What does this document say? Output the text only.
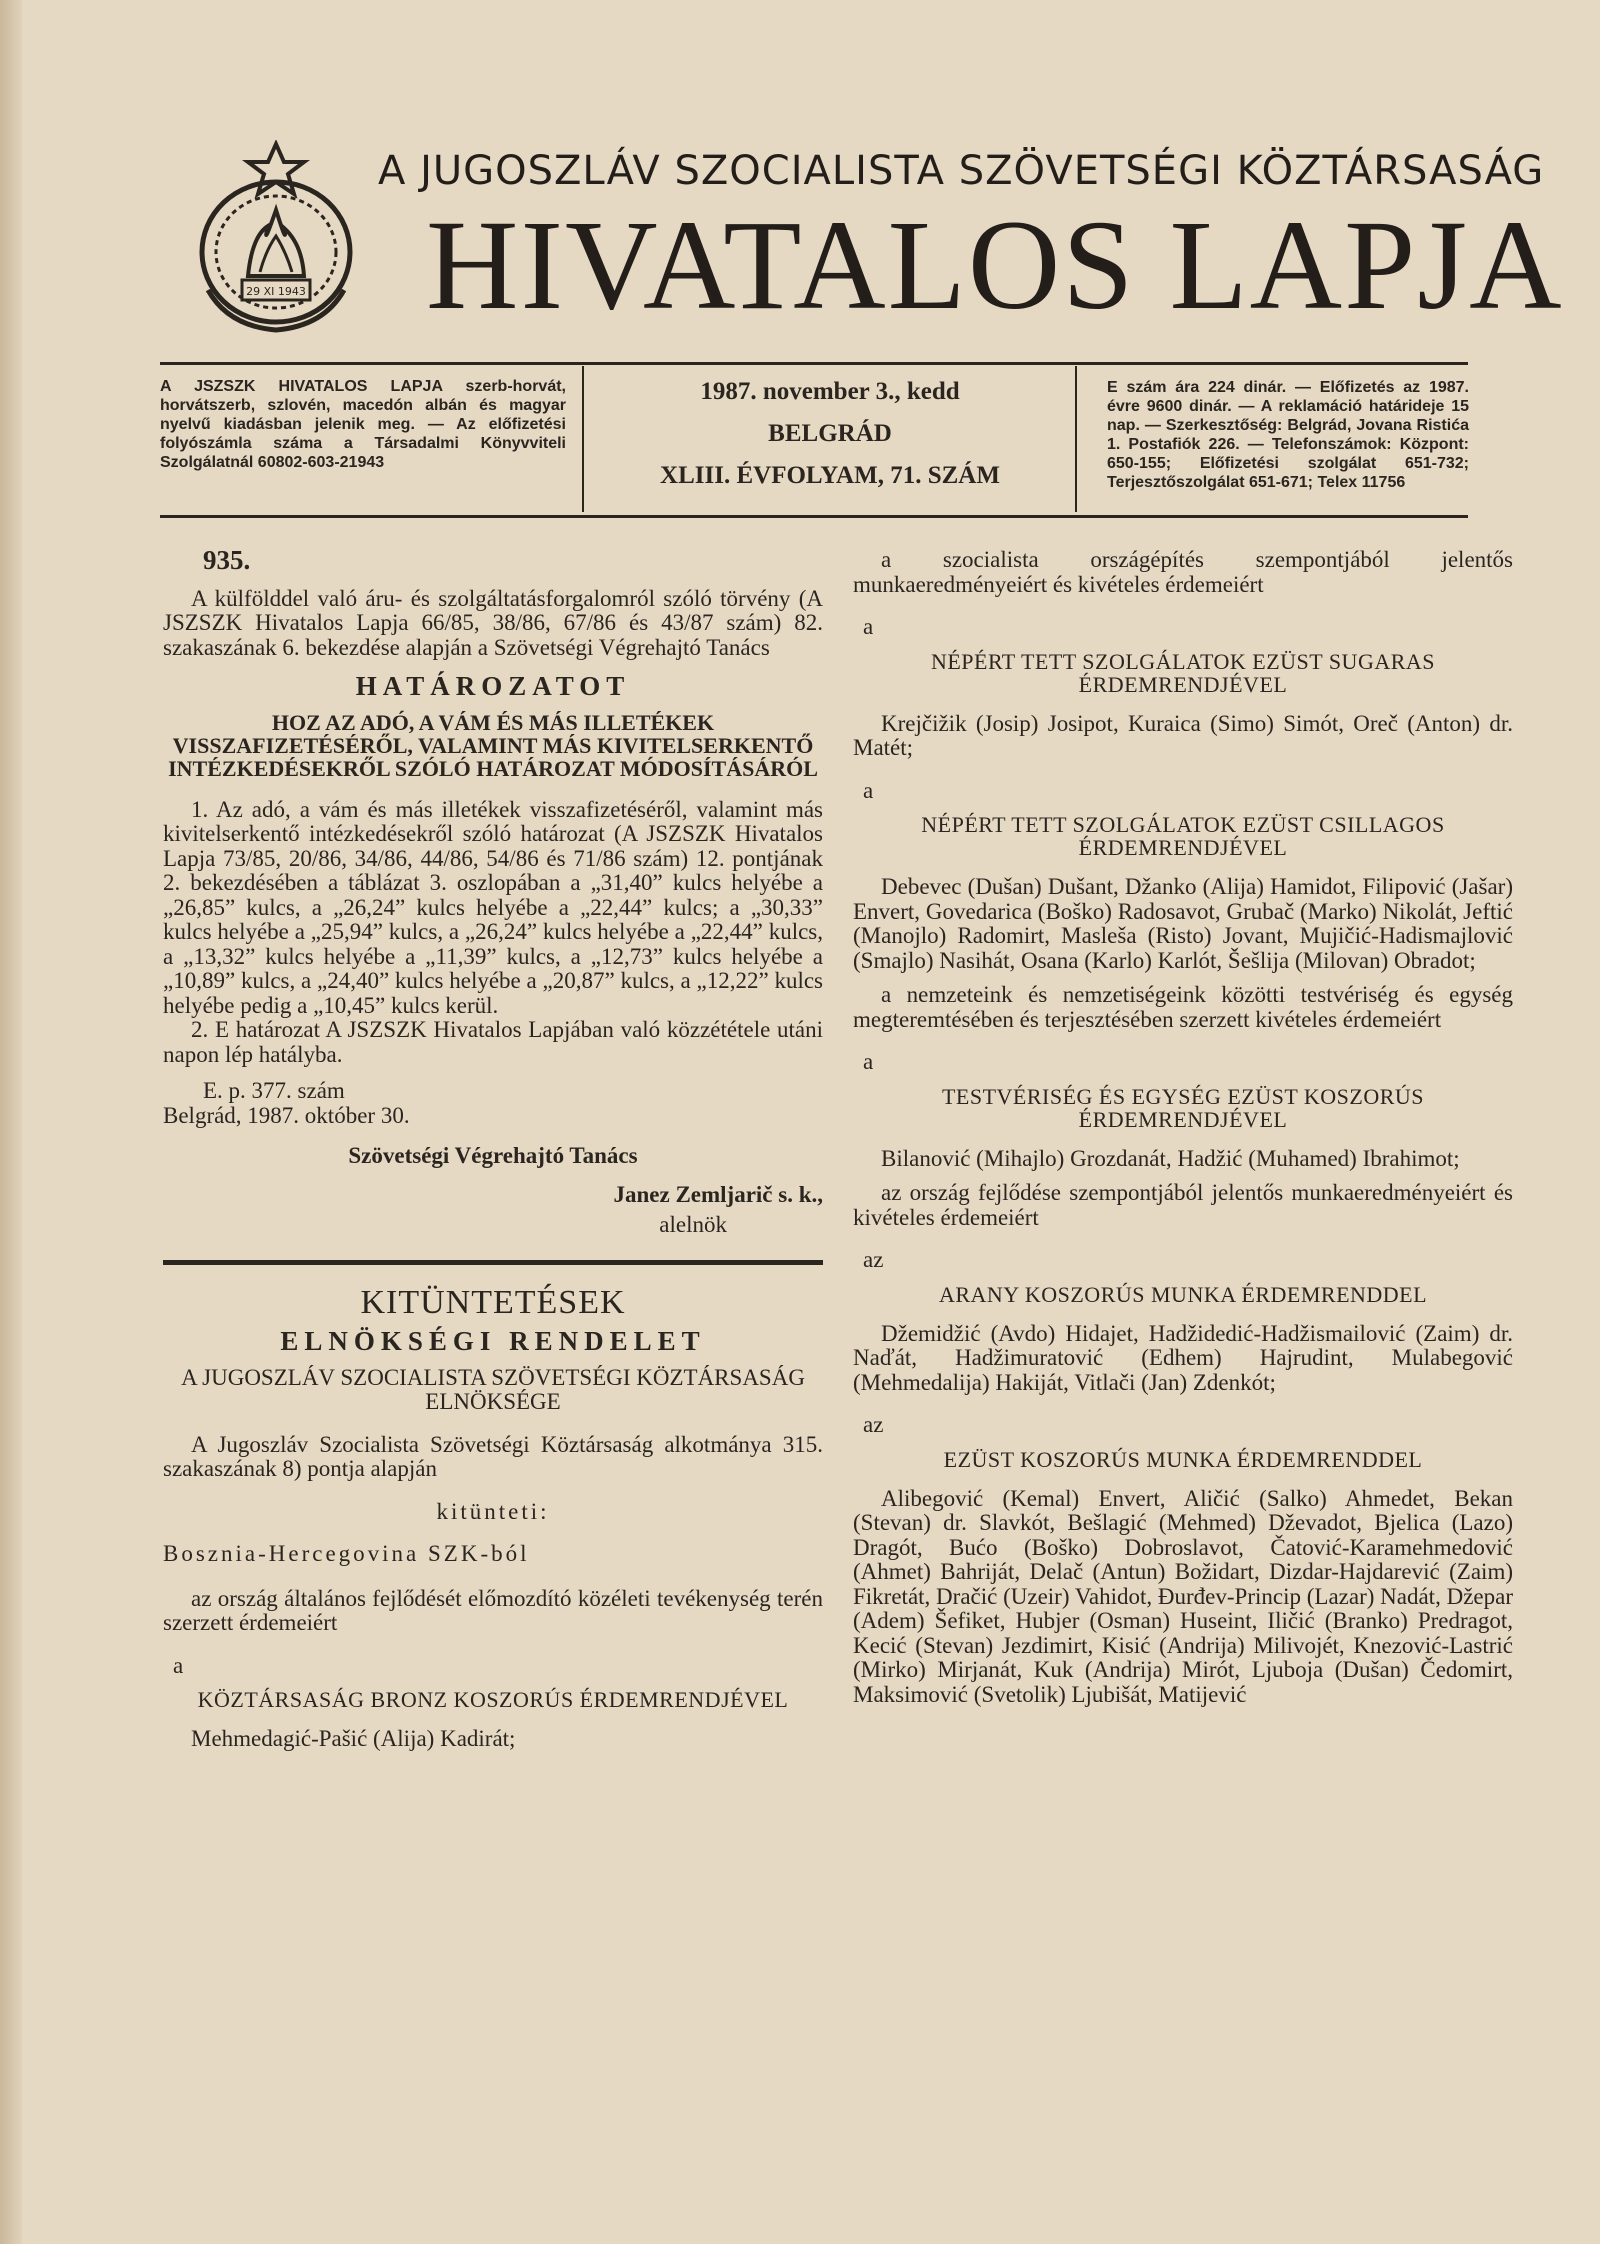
29 XI 1943
A JUGOSZLÁV SZOCIALISTA SZÖVETSÉGI KÖZTÁRSASÁG
HIVATALOS LAPJA
A JSZSZK HIVATALOS LAPJA szerb-horvát, horvátszerb, szlovén, macedón albán és magyar nyelvű kiadásban jelenik meg. — Az előfizetési folyószámla száma a Társadalmi Könyvviteli Szolgálatnál 60802-603-21943
1987. november 3., kedd
BELGRÁD
XLIII. ÉVFOLYAM, 71. SZÁM
E szám ára 224 dinár. — Előfizetés az 1987. évre 9600 dinár. — A reklamáció határideje 15 nap. — Szerkesztőség: Belgrád, Jovana Ristića 1. Postafiók 226. — Telefonszámok: Központ: 650-155; Előfizetési szolgálat 651-732; Terjesztőszolgálat 651-671; Telex 11756
935.

A külfölddel való áru- és szolgáltatásforgalomról szóló törvény (A JSZSZK Hivatalos Lapja 66/85, 38/86, 67/86 és 43/87 szám) 82. szakaszának 6. bekezdése alapján a Szövetségi Végrehajtó Tanács

HATÁROZATOT
HOZ AZ ADÓ, A VÁM ÉS MÁS ILLETÉKEK VISSZAFIZETÉSÉRŐL, VALAMINT MÁS KIVITELSERKENTŐ INTÉZKEDÉSEKRŐL SZÓLÓ HATÁROZAT MÓDOSÍTÁSÁRÓL

1. Az adó, a vám és más illetékek visszafizetéséről, valamint más kivitelserkentő intézkedésekről szóló határozat (A JSZSZK Hivatalos Lapja 73/85, 20/86, 34/86, 44/86, 54/86 és 71/86 szám) 12. pontjának 2. bekezdésében a táblázat 3. oszlopában a „31,40” kulcs helyébe a „26,85” kulcs, a „26,24” kulcs helyébe a „22,44” kulcs; a „30,33” kulcs helyébe a „25,94” kulcs, a „26,24” kulcs helyébe a „22,44” kulcs, a „13,32” kulcs helyébe a „11,39” kulcs, a „12,73” kulcs helyébe a „10,89” kulcs, a „24,40” kulcs helyébe a „20,87” kulcs, a „12,22” kulcs helyébe pedig a „10,45” kulcs kerül.

2. E határozat A JSZSZK Hivatalos Lapjában való közzététele utáni napon lép hatályba.

E. p. 377. szám

Belgrád, 1987. október 30.

Szövetségi Végrehajtó Tanács
Janez Zemljarič s. k.,
alelnök
KITÜNTETÉSEK
ELNÖKSÉGI RENDELET
A JUGOSZLÁV SZOCIALISTA SZÖVETSÉGI KÖZTÁRSASÁG ELNÖKSÉGE

A Jugoszláv Szocialista Szövetségi Köztársaság alkotmánya 315. szakaszának 8) pontja alapján

kitünteti:

Bosznia-Hercegovina SZK-ból

az ország általános fejlődését előmozdító közéleti tevékenység terén szerzett érdemeiért

a
KÖZTÁRSASÁG BRONZ KOSZORÚS ÉRDEMRENDJÉVEL

Mehmedagić-Pašić (Alija) Kadirát;

a szocialista országépítés szempontjából jelentős munkaeredményeiért és kivételes érdemeiért

a
NÉPÉRT TETT SZOLGÁLATOK EZÜST SUGARAS ÉRDEMRENDJÉVEL

Krejčižik (Josip) Josipot, Kuraica (Simo) Simót, Oreč (Anton) dr. Matét;

a
NÉPÉRT TETT SZOLGÁLATOK EZÜST CSILLAGOS ÉRDEMRENDJÉVEL

Debevec (Dušan) Dušant, Džanko (Alija) Hamidot, Filipović (Jašar) Envert, Govedarica (Boško) Radosavot, Grubač (Marko) Nikolát, Jeftić (Manojlo) Radomirt, Masleša (Risto) Jovant, Mujičić-Hadismajlović (Smajlo) Nasihát, Osana (Karlo) Karlót, Šešlija (Milovan) Obradot;

a nemzeteink és nemzetiségeink közötti testvériség és egység megteremtésében és terjesztésében szerzett kivételes érdemeiért

a
TESTVÉRISÉG ÉS EGYSÉG EZÜST KOSZORÚS ÉRDEMRENDJÉVEL

Bilanović (Mihajlo) Grozdanát, Hadžić (Muhamed) Ibrahimot;

az ország fejlődése szempontjából jelentős munkaeredményeiért és kivételes érdemeiért

az
ARANY KOSZORÚS MUNKA ÉRDEMRENDDEL

Džemidžić (Avdo) Hidajet, Hadžidedić-Hadžismailović (Zaim) dr. Naďát, Hadžimuratović (Edhem) Hajrudint, Mulabegović (Mehmedalija) Hakiját, Vitlači (Jan) Zdenkót;

az
EZÜST KOSZORÚS MUNKA ÉRDEMRENDDEL

Alibegović (Kemal) Envert, Aličić (Salko) Ahmedet, Bekan (Stevan) dr. Slavkót, Bešlagić (Mehmed) Dževadot, Bjelica (Lazo) Dragót, Bućo (Boško) Dobroslavot, Čatović-Karamehmedović (Ahmet) Bahriját, Delač (Antun) Božidart, Dizdar-Hajdarević (Zaim) Fikretát, Dračić (Uzeir) Vahidot, Đurđev-Princip (Lazar) Nadát, Džepar (Adem) Šefiket, Hubjer (Osman) Huseint, Iličić (Branko) Predragot, Kecić (Stevan) Jezdimirt, Kisić (Andrija) Milivojét, Knezović-Lastrić (Mirko) Mirjanát, Kuk (Andrija) Mirót, Ljuboja (Dušan) Čedomirt, Maksimović (Svetolik) Ljubišát, Matijević
